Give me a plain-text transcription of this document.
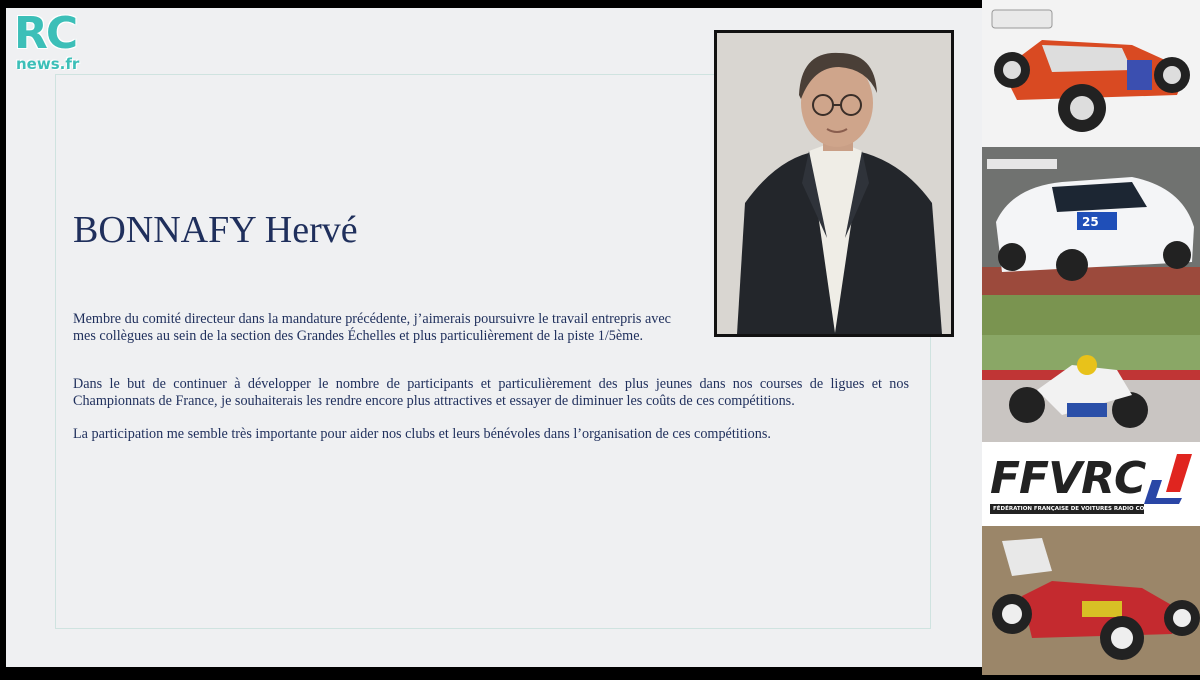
RC
news.fr
BONNAFY Hervé

Membre du comité directeur dans la mandature précédente, j’aimerais poursuivre le travail entrepris avec mes collègues au sein de la section des Grandes Échelles et plus particulièrement de la piste 1/5ème.

Dans le but de continuer à développer le nombre de participants et particulièrement des plus jeunes dans nos courses de ligues et nos Championnats de France, je souhaiterais les rendre encore plus attractives et essayer de diminuer les coûts de ces compétitions.

La participation me semble très importante pour aider nos clubs et leurs bénévoles dans l’organisation de ces compétitions.

25
FFVRC
FÉDÉRATION FRANÇAISE DE VOITURES RADIO COMMANDÉES
